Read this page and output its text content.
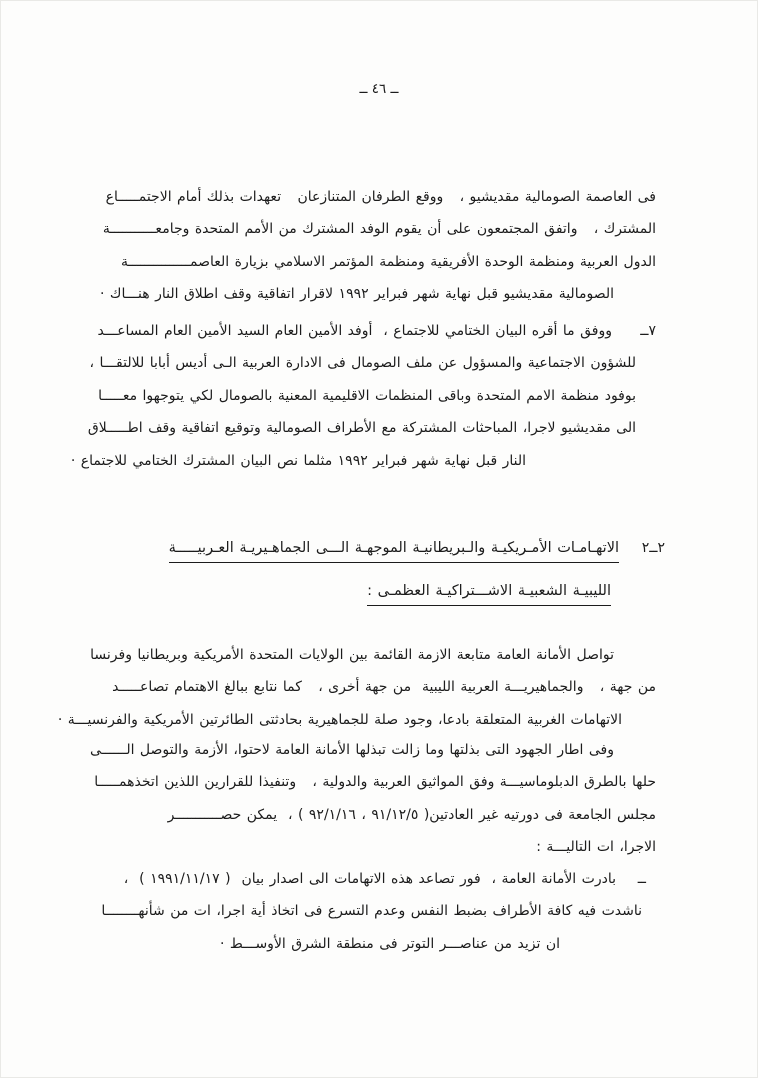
ــ ٤٦ ــ
فى العاصمة الصومالية مقديشيو ،   ووقع الطرفان المتنازعان   تعهدات بذلك أمام الاجتمـــــاع
المشترك ،   واتفق المجتمعون على أن يقوم الوفد المشترك من الأمم المتحدة وجامعـــــــــــة
الدول العربية ومنظمة الوحدة الأفريقية ومنظمة المؤتمر الاسلامي بزيارة العاصمـــــــــــــــة
الصومالية مقديشيو قبل نهاية شهر فبراير ١٩٩٢ لاقرار اتفاقية وقف اطلاق النار هنـــاك ·
٧ــ
ووفق ما أقره البيان الختامي للاجتماع ،  أوفد الأمين العام السيد الأمين العام المساعـــد
للشؤون الاجتماعية والمسؤول عن ملف الصومال فى الادارة العربية الـى أديس أبابا للالتقـــا ،
بوفود منظمة الامم المتحدة وباقى المنظمات الاقليمية المعنية بالصومال لكي يتوجهوا معـــــا
الى مقديشيو لاجرا، المباحثات المشتركة مع الأطراف الصومالية وتوقيع اتفاقية وقف اطـــــلاق
النار قبل نهاية شهر فبراير ١٩٩٢ مثلما نص البيان المشترك الختامي للاجتماع ·
٢ــ٢
الاتهـامـات الأمـريكيـة والـبريطانيـة الموجهـة الـــى الجماهـيريـة العـربيـــــة
الليبيـة الشعبيـة الاشـــتراكيـة العظمـى :
تواصل الأمانة العامة متابعة الازمة القائمة بين الولايات المتحدة الأمريكية وبريطانيا وفرنسا
من جهة ،   والجماهيريـــة العربية الليبية  من جهة أخرى ،   كما نتابع ببالغ الاهتمام تصاعـــــد
الاتهامات الغربية المتعلقة بادعا، وجود صلة للجماهيرية بحادثتى الطائرتين الأمريكية والفرنسيـــة ·
وفى اطار الجهود التى بذلتها وما زالت تبذلها الأمانة العامة لاحتوا، الأزمة والتوصل الــــــى
حلها بالطرق الدبلوماسيـــة وفق المواثيق العربية والدولية ،   وتنفيذا للقرارين اللذين اتخذهمـــــا
مجلس الجامعة فى دورتيه غير العادتين( ٩١/١٢/٥ ، ٩٢/١/١٦ ) ،  يمكن حصـــــــــــر
الاجرا، ات التاليـــة :
ــ
بادرت الأمانة العامة ،  فور تصاعد هذه الاتهامات الى اصدار بيان  ( ١٩٩١/١١/١٧ )  ،
ناشدت فيه كافة الأطراف بضبط النفس وعدم التسرع فى اتخاذ أية اجرا، ات من شأنهــــــــا
ان تزيد من عناصـــر التوتر فى منطقة الشرق الأوســـط ·
